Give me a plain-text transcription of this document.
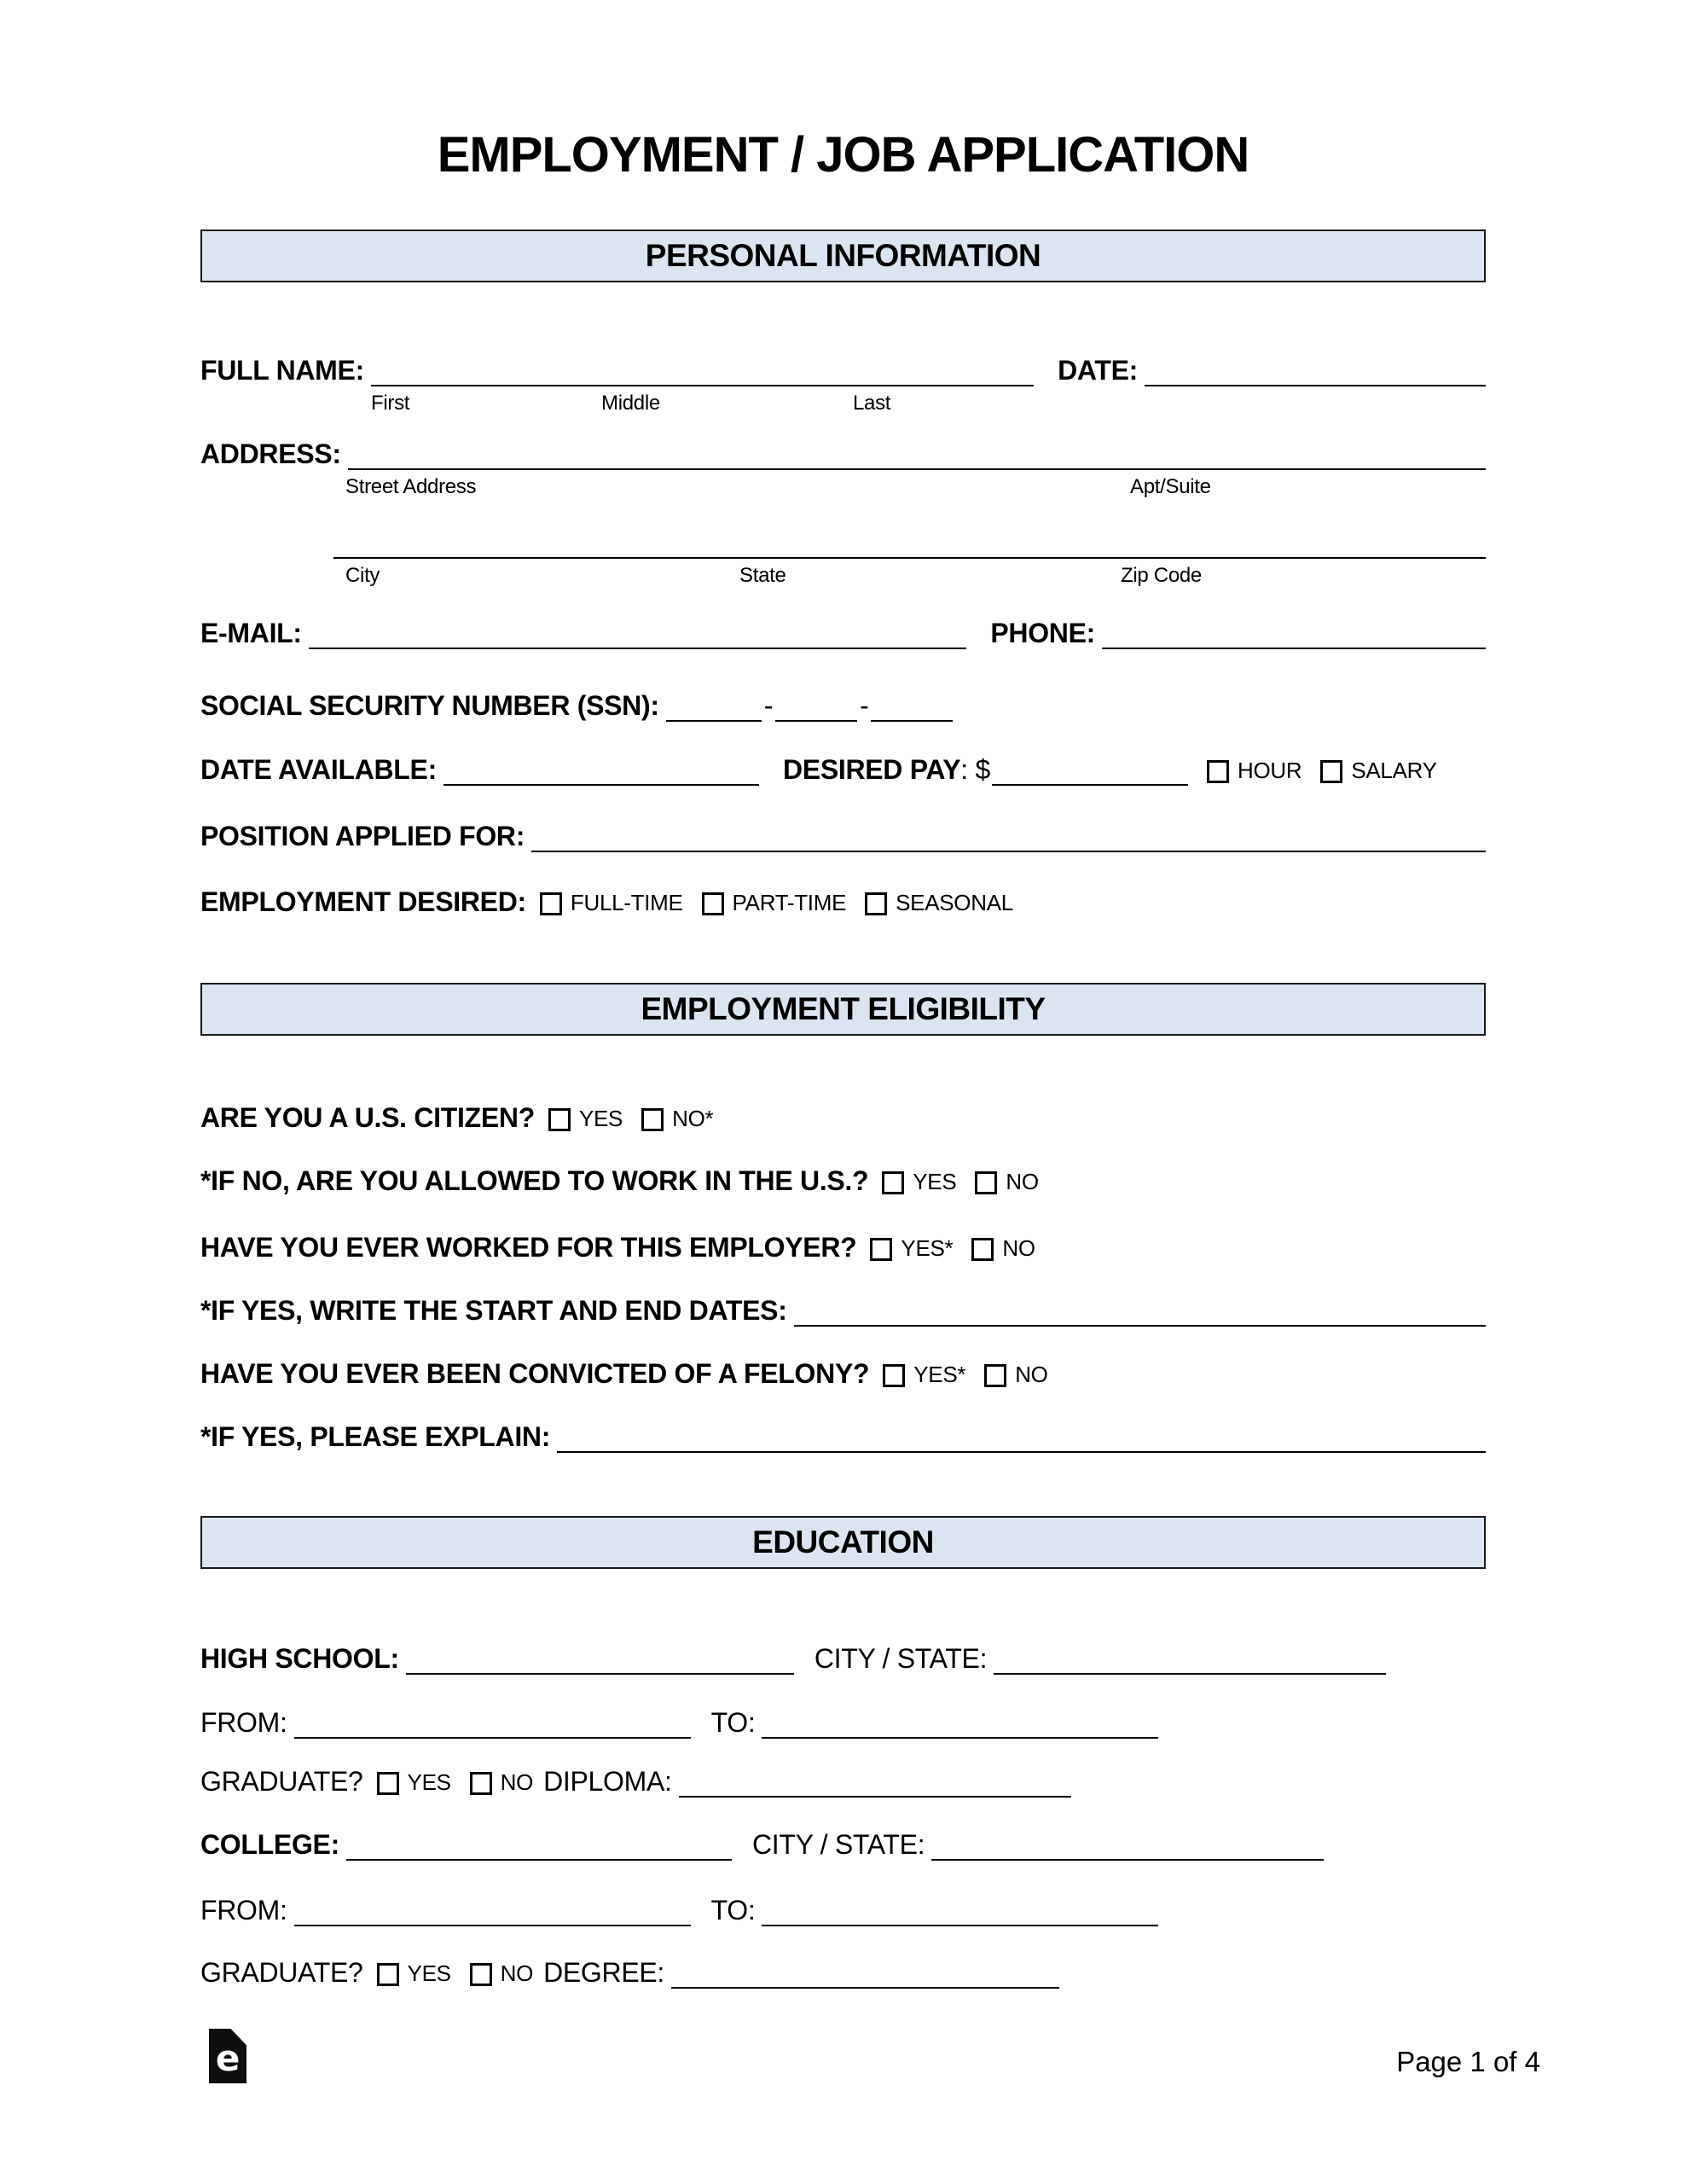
EMPLOYMENT / JOB APPLICATION
PERSONAL INFORMATION
FULL NAME:	DATE:
First	Middle	Last
ADDRESS:
Street Address	Apt/Suite
City	State	Zip Code
E-MAIL:	PHONE:
SOCIAL SECURITY NUMBER (SSN):	-	-
DATE AVAILABLE:	DESIRED PAY : $	HOUR SALARY
POSITION APPLIED FOR:
EMPLOYMENT DESIRED: FULL-TIME PART-TIME SEASONAL
EMPLOYMENT ELIGIBILITY
ARE YOU A U.S. CITIZEN? YES NO*
*IF NO, ARE YOU ALLOWED TO WORK IN THE U.S.? YES NO
HAVE YOU EVER WORKED FOR THIS EMPLOYER? YES* NO
*IF YES, WRITE THE START AND END DATES:
HAVE YOU EVER BEEN CONVICTED OF A FELONY? YES* NO
*IF YES, PLEASE EXPLAIN:
EDUCATION
HIGH SCHOOL:	CITY / STATE:
FROM:	TO:
GRADUATE? YES NO DIPLOMA:
COLLEGE:	CITY / STATE:
FROM:	TO:
GRADUATE? YES NO DEGREE:
e	Page 1 of 4
